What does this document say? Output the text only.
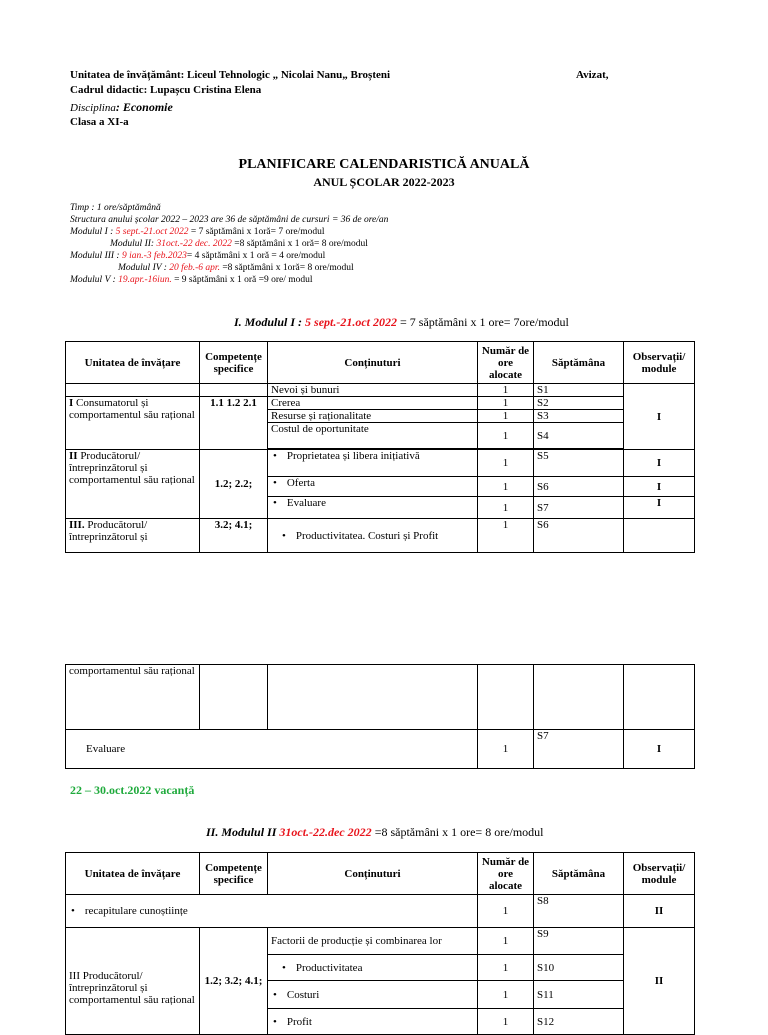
Unitatea de învățământ: Liceul Tehnologic „ Nicolai Nanu„ Broșteni	Avizat,
Cadrul didactic: Lupașcu Cristina Elena
Disciplina: Economie
Clasa a XI-a
PLANIFICARE CALENDARISTICĂ ANUALĂ
ANUL ȘCOLAR 2022-2023
Timp : 1 ore/săptămână
Structura anului școlar 2022 – 2023 are 36 de săptămâni de cursuri = 36 de ore/an
Modulul I : 5 sept.-21.oct 2022 = 7 săptămâni x 1oră= 7 ore/modul
Modulul II: 31oct.-22 dec. 2022 =8 săptămâni x 1 oră= 8 ore/modul
Modulul III : 9 ian.-3 feb.2023= 4 săptămâni x 1 oră = 4 ore/modul
Modulul IV : 20 feb.-6 apr. =8 săptămâni x 1oră= 8 ore/modul
Modulul V : 19.apr.-16iun. = 9 săptămâni x 1 oră =9 ore/ modul
I. Modulul I : 5 sept.-21.oct 2022 = 7 săptămâni x 1 ore= 7ore/modul
Unitatea de învățare	Competențe specifice	Conținuturi	Număr de ore alocate	Săptămâna	Observații/ module
		Nevoi și bunuri	1	S1	I
I Consumatorul și comportamentul său rațional	1.1 1.2 2.1	Crerea	1	S2	
		Resurse și raționalitate	1	S3	
		Costul de oportunitate	1	S4	

II Producătorul/ întreprinzătorul și comportamentul său rațional	1.2; 2.2;	• Proprietatea și libera inițiativă	1	S5	I
		• Oferta	1	S6	I
		• Evaluare	1	S7	I
III. Producătorul/ întreprinzătorul și	3.2; 4.1;	• Productivitatea. Costuri și Profit	1	S6	
comportamentul său rațional					
Evaluare			1	S7	I
22 – 30.oct.2022 vacanță
II. Modulul II 31oct.-22.dec 2022 =8 săptămâni x 1 ore= 8 ore/modul
Unitatea de învățare	Competențe specifice	Conținuturi	Număr de ore alocate	Săptămâna	Observații/ module
• recapitulare cunoștiințe			1	S8	II
III Producătorul/ întreprinzătorul și comportamentul său rațional	1.2; 3.2; 4.1;	Factorii de producție și combinarea lor	1	S9	II
		• Productivitatea	1	S10	
		• Costuri	1	S11	
		• Profit	1	S12	
